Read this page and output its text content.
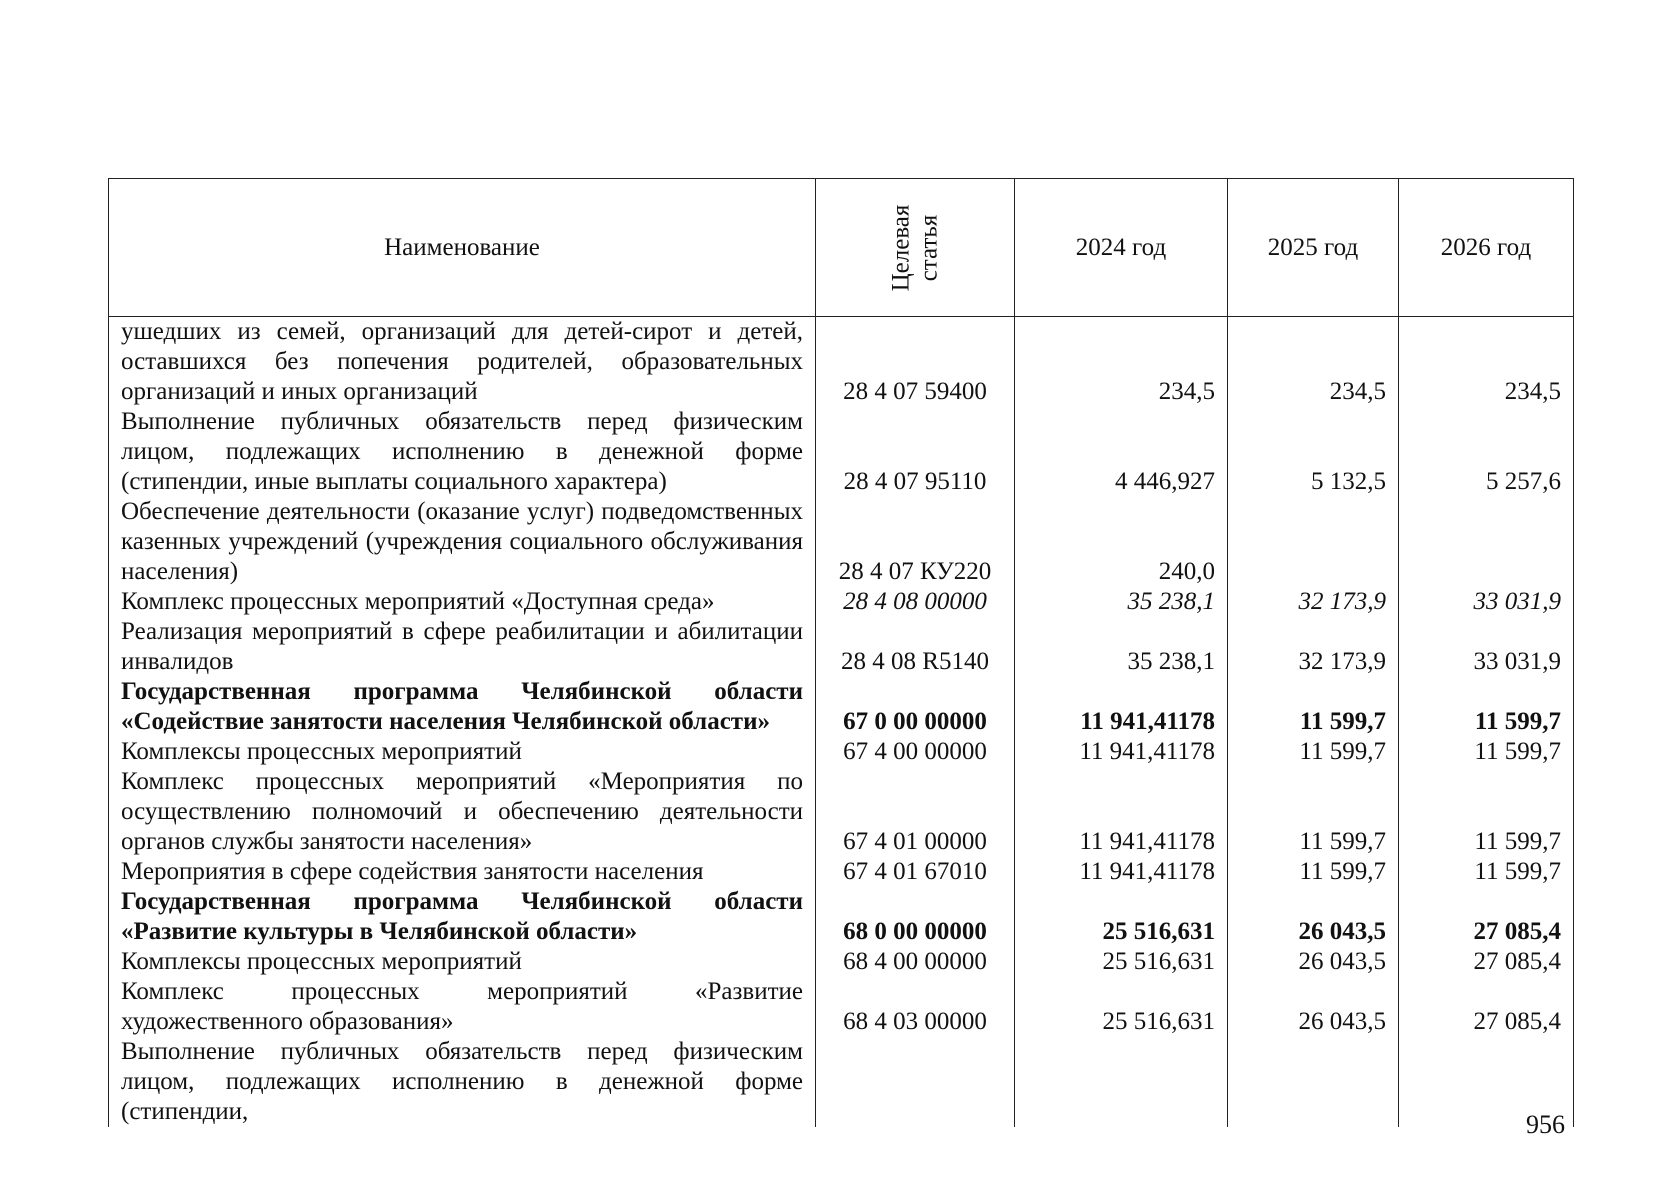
Наименование	Целевая статья	2024 год	2025 год	2026 год
ушедших из семей, организаций для детей-сирот и детей, оставшихся без попечения родителей, образовательных организаций и иных организаций	28 4 07 59400	234,5	234,5	234,5
Выполнение публичных обязательств перед физическим лицом, подлежащих исполнению в денежной форме (стипендии, иные выплаты социального характера)	28 4 07 95110	4 446,927	5 132,5	5 257,6
Обеспечение деятельности (оказание услуг) подведомственных казенных учреждений (учреждения социального обслуживания населения)	28 4 07 КУ220	240,0		
Комплекс процессных мероприятий «Доступная среда»	28 4 08 00000	35 238,1	32 173,9	33 031,9
Реализация мероприятий в сфере реабилитации и абилитации инвалидов	28 4 08 R5140	35 238,1	32 173,9	33 031,9
Государственная программа Челябинской области «Содействие занятости населения Челябинской области»	67 0 00 00000	11 941,41178	11 599,7	11 599,7
Комплексы процессных мероприятий	67 4 00 00000	11 941,41178	11 599,7	11 599,7
Комплекс процессных мероприятий «Мероприятия по осуществлению полномочий и обеспечению деятельности органов службы занятости населения»	67 4 01 00000	11 941,41178	11 599,7	11 599,7
Мероприятия в сфере содействия занятости населения	67 4 01 67010	11 941,41178	11 599,7	11 599,7
Государственная программа Челябинской области «Развитие культуры в Челябинской области»	68 0 00 00000	25 516,631	26 043,5	27 085,4
Комплексы процессных мероприятий	68 4 00 00000	25 516,631	26 043,5	27 085,4
Комплекс процессных мероприятий «Развитие художественного образования»	68 4 03 00000	25 516,631	26 043,5	27 085,4
Выполнение публичных обязательств перед физическим лицом, подлежащих исполнению в денежной форме (стипендии,					956
